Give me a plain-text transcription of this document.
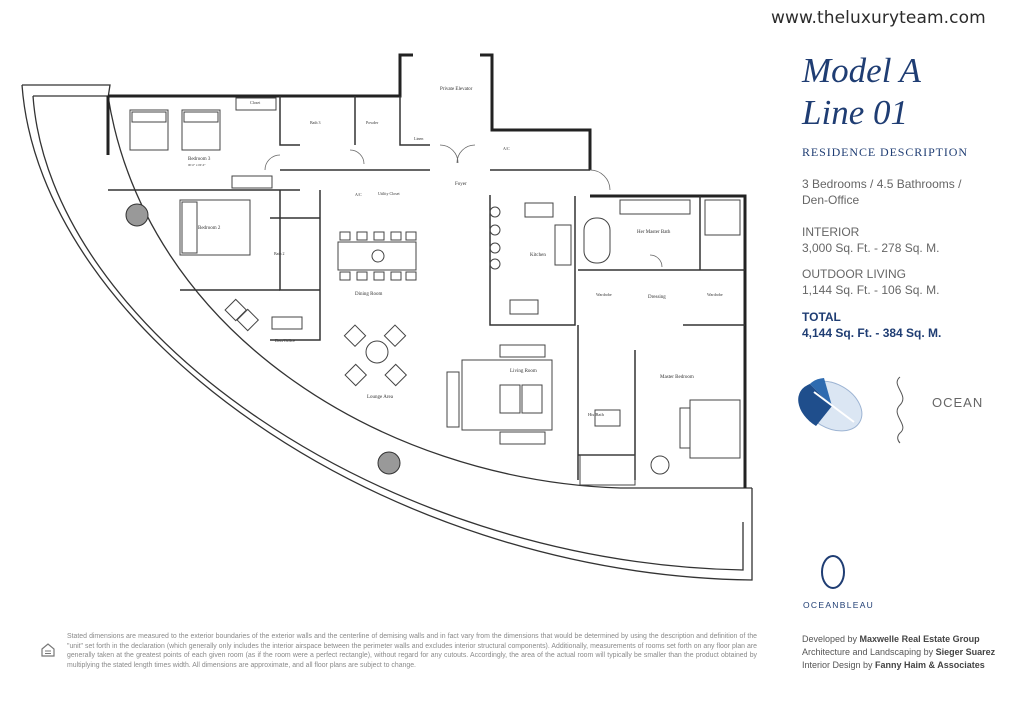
www.theluxuryteam.com
Private Elevator
Bedroom 3
00'-0" x 00'-0"
Bath 3	Powder
Closet
Linen
A/C
A/C	Utility Closet
Foyer
Bedroom 2
Bath 2
Dining Room
Kitchen
Her Master Bath
Wardrobe	Wardrobe
Dressing
Den/Office
Lounge Area
Living Room
His Bath
Master Bedroom
Model A
Line 01
RESIDENCE DESCRIPTION
3 Bedrooms / 4.5 Bathrooms /
Den-Office
INTERIOR
3,000 Sq. Ft. - 278 Sq. M.
OUTDOOR LIVING
1,144 Sq. Ft. - 106 Sq. M.
TOTAL
4,144 Sq. Ft. - 384 Sq. M.
OCEAN
OCEANBLEAU
Developed by Maxwelle Real Estate Group
Architecture and Landscaping by Sieger Suarez
Interior Design by Fanny Haim & Associates
Stated dimensions are measured to the exterior boundaries of the exterior walls and the centerline of demising walls and in fact vary from the dimensions that would be determined by using the description and definition of the "unit" set forth in the declaration (which generally only includes the interior airspace between the perimeter walls and excludes interior structural components). Additionally, measurements of rooms set forth on any floor plan are generally taken at the greatest points of each given room (as if the room were a perfect rectangle), without regard for any cutouts. Accordingly, the area of the actual room will typically be smaller than the product obtained by multiplying the stated length times width. All dimensions are approximate, and all floor plans are subject to change.
